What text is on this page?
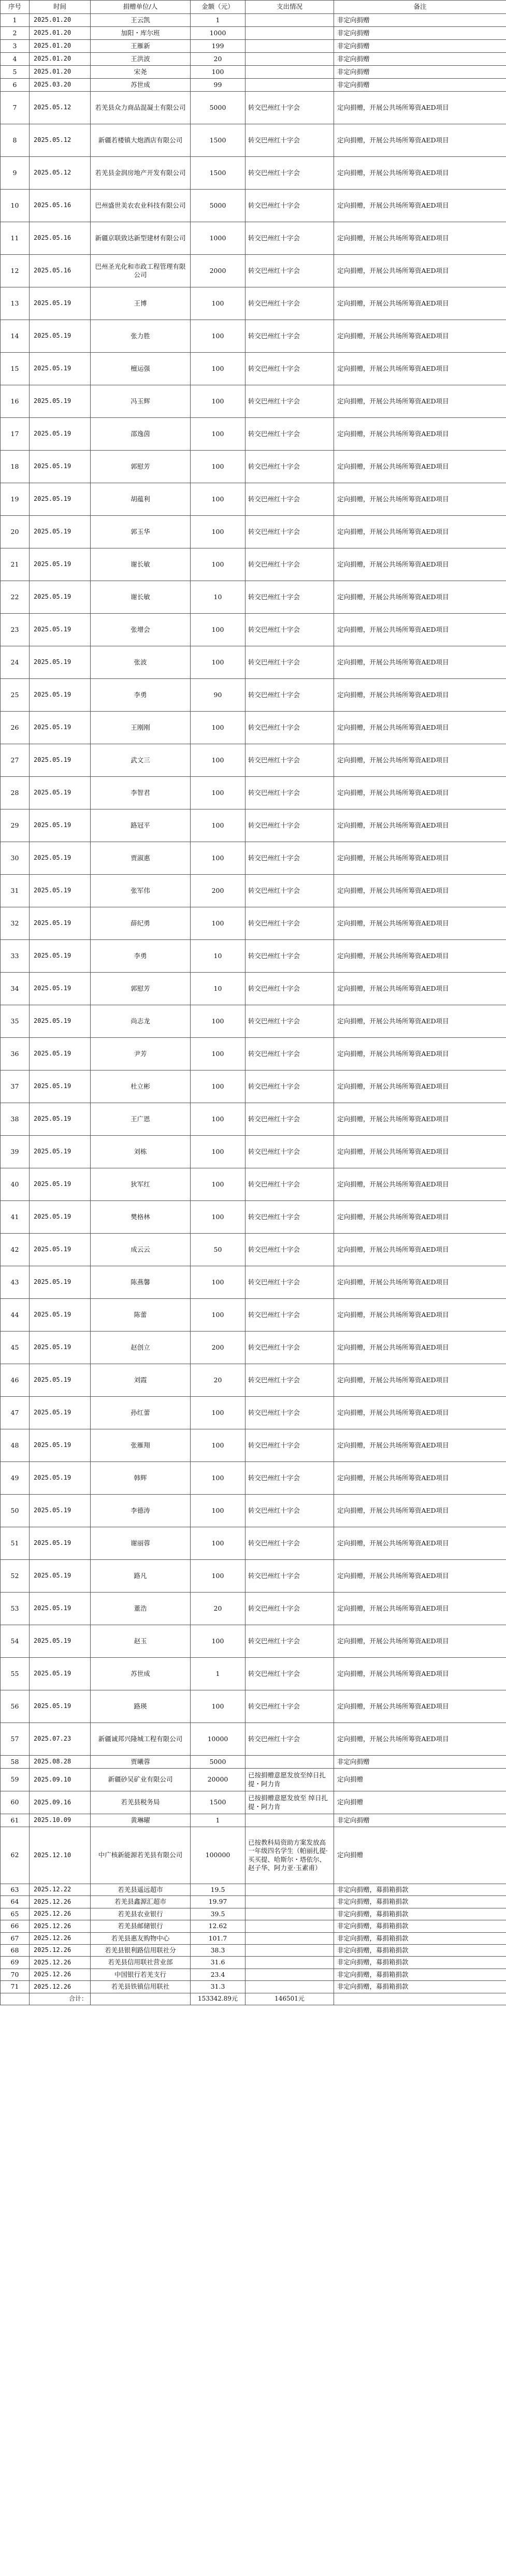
序号	时间	捐赠单位/人	金额（元）	支出情况	备注
1	2025.01.20	王云凯	1		非定向捐赠
2	2025.01.20	加阳・库尔班	1000		非定向捐赠
3	2025.01.20	王雁新	199		非定向捐赠
4	2025.01.20	王洪波	20		非定向捐赠
5	2025.01.20	宋尧	100		非定向捐赠
6	2025.03.20	苏世成	99		非定向捐赠
7	2025.05.12	若羌县众力商品混凝土有限公司	5000	转交巴州红十字会	定向捐赠，开展公共场所筹资AED项目
8	2025.05.12	新疆若楼镇大炮酒店有限公司	1500	转交巴州红十字会	定向捐赠，开展公共场所筹资AED项目
9	2025.05.12	若羌县金润房地产开发有限公司	1500	转交巴州红十字会	定向捐赠，开展公共场所筹资AED项目
10	2025.05.16	巴州盛世美农农业科技有限公司	5000	转交巴州红十字会	定向捐赠，开展公共场所筹资AED项目
11	2025.05.16	新疆京联致达新型建材有限公司	1000	转交巴州红十字会	定向捐赠，开展公共场所筹资AED项目
12	2025.05.16	巴州圣光化和市政工程管理有限公司	2000	转交巴州红十字会	定向捐赠，开展公共场所筹资AED项目
13	2025.05.19	王博	100	转交巴州红十字会	定向捐赠，开展公共场所筹资AED项目
14	2025.05.19	张力胜	100	转交巴州红十字会	定向捐赠，开展公共场所筹资AED项目
15	2025.05.19	檀运强	100	转交巴州红十字会	定向捐赠，开展公共场所筹资AED项目
16	2025.05.19	冯玉辉	100	转交巴州红十字会	定向捐赠，开展公共场所筹资AED项目
17	2025.05.19	邵逸茵	100	转交巴州红十字会	定向捐赠，开展公共场所筹资AED项目
18	2025.05.19	郭慰芳	100	转交巴州红十字会	定向捐赠，开展公共场所筹资AED项目
19	2025.05.19	胡蕴利	100	转交巴州红十字会	定向捐赠，开展公共场所筹资AED项目
20	2025.05.19	郭玉华	100	转交巴州红十字会	定向捐赠，开展公共场所筹资AED项目
21	2025.05.19	谢长敏	100	转交巴州红十字会	定向捐赠，开展公共场所筹资AED项目
22	2025.05.19	谢长敏	10	转交巴州红十字会	定向捐赠，开展公共场所筹资AED项目
23	2025.05.19	张增会	100	转交巴州红十字会	定向捐赠，开展公共场所筹资AED项目
24	2025.05.19	张波	100	转交巴州红十字会	定向捐赠，开展公共场所筹资AED项目
25	2025.05.19	李勇	90	转交巴州红十字会	定向捐赠，开展公共场所筹资AED项目
26	2025.05.19	王刚刚	100	转交巴州红十字会	定向捐赠，开展公共场所筹资AED项目
27	2025.05.19	武文三	100	转交巴州红十字会	定向捐赠，开展公共场所筹资AED项目
28	2025.05.19	李智君	100	转交巴州红十字会	定向捐赠，开展公共场所筹资AED项目
29	2025.05.19	路冠平	100	转交巴州红十字会	定向捐赠，开展公共场所筹资AED项目
30	2025.05.19	贾淑惠	100	转交巴州红十字会	定向捐赠，开展公共场所筹资AED项目
31	2025.05.19	张军伟	200	转交巴州红十字会	定向捐赠，开展公共场所筹资AED项目
32	2025.05.19	薛纪勇	100	转交巴州红十字会	定向捐赠，开展公共场所筹资AED项目
33	2025.05.19	李勇	10	转交巴州红十字会	定向捐赠，开展公共场所筹资AED项目
34	2025.05.19	郭慰芳	10	转交巴州红十字会	定向捐赠，开展公共场所筹资AED项目
35	2025.05.19	尚志龙	100	转交巴州红十字会	定向捐赠，开展公共场所筹资AED项目
36	2025.05.19	尹芳	100	转交巴州红十字会	定向捐赠，开展公共场所筹资AED项目
37	2025.05.19	杜立彬	100	转交巴州红十字会	定向捐赠，开展公共场所筹资AED项目
38	2025.05.19	王广恩	100	转交巴州红十字会	定向捐赠，开展公共场所筹资AED项目
39	2025.05.19	刘栋	100	转交巴州红十字会	定向捐赠，开展公共场所筹资AED项目
40	2025.05.19	狄军红	100	转交巴州红十字会	定向捐赠，开展公共场所筹资AED项目
41	2025.05.19	樊格林	100	转交巴州红十字会	定向捐赠，开展公共场所筹资AED项目
42	2025.05.19	成云云	50	转交巴州红十字会	定向捐赠，开展公共场所筹资AED项目
43	2025.05.19	陈燕馨	100	转交巴州红十字会	定向捐赠，开展公共场所筹资AED项目
44	2025.05.19	陈蕾	100	转交巴州红十字会	定向捐赠，开展公共场所筹资AED项目
45	2025.05.19	赵创立	200	转交巴州红十字会	定向捐赠，开展公共场所筹资AED项目
46	2025.05.19	刘霞	20	转交巴州红十字会	定向捐赠，开展公共场所筹资AED项目
47	2025.05.19	孙红蕾	100	转交巴州红十字会	定向捐赠，开展公共场所筹资AED项目
48	2025.05.19	张雁翔	100	转交巴州红十字会	定向捐赠，开展公共场所筹资AED项目
49	2025.05.19	韩辉	100	转交巴州红十字会	定向捐赠，开展公共场所筹资AED项目
50	2025.05.19	李德涛	100	转交巴州红十字会	定向捐赠，开展公共场所筹资AED项目
51	2025.05.19	谢丽蓉	100	转交巴州红十字会	定向捐赠，开展公共场所筹资AED项目
52	2025.05.19	路凡	100	转交巴州红十字会	定向捐赠，开展公共场所筹资AED项目
53	2025.05.19	董浩	20	转交巴州红十字会	定向捐赠，开展公共场所筹资AED项目
54	2025.05.19	赵玉	100	转交巴州红十字会	定向捐赠，开展公共场所筹资AED项目
55	2025.05.19	苏世成	1	转交巴州红十字会	定向捐赠，开展公共场所筹资AED项目
56	2025.05.19	路瑛	100	转交巴州红十字会	定向捐赠，开展公共场所筹资AED项目
57	2025.07.23	新疆诚邦兴隆城工程有限公司	10000	转交巴州红十字会	定向捐赠，开展公共场所筹资AED项目
58	2025.08.28	贾曦蓉	5000		非定向捐赠
59	2025.09.10	新疆砂吴矿业有限公司	20000	已按捐赠意愿发放至绰日扎提・阿力肯	定向捐赠
60	2025.09.16	若羌县税务局	1500	已按捐赠意愿发放至 绰日扎提・阿力肯	定向捐赠
61	2025.10.09	黄琳曜	1		非定向捐赠
62	2025.12.10	中广核新能源若羌县有限公司	100000	已按教科局资助方案发放高一年级四名学生（帕丽扎提·买买提、哈斯尔・塔依尔、赵子华、阿力亚·玉素甫）	定向捐赠
63	2025.12.22	若羌县遥远超市	19.5		非定向捐赠，募捐箱捐款
64	2025.12.26	若羌县鑫源汇超市	19.97		非定向捐赠，募捐箱捐款
65	2025.12.26	若羌县农业银行	39.5		非定向捐赠，募捐箱捐款
66	2025.12.26	若羌县邮储银行	12.62		非定向捐赠，募捐箱捐款
67	2025.12.26	若羌县惠友购物中心	101.7		非定向捐赠，募捐箱捐款
68	2025.12.26	若羌县银利路信用联社分	38.3		非定向捐赠，募捐箱捐款
69	2025.12.26	若羌县信用联社营业部	31.6		非定向捐赠，募捐箱捐款
70	2025.12.26	中国银行若羌支行	23.4		非定向捐赠，募捐箱捐款
71	2025.12.26	若羌县铁镇信用联社	31.3		非定向捐赠，募捐箱捐款
	合计：		153342.89元	146501元	
